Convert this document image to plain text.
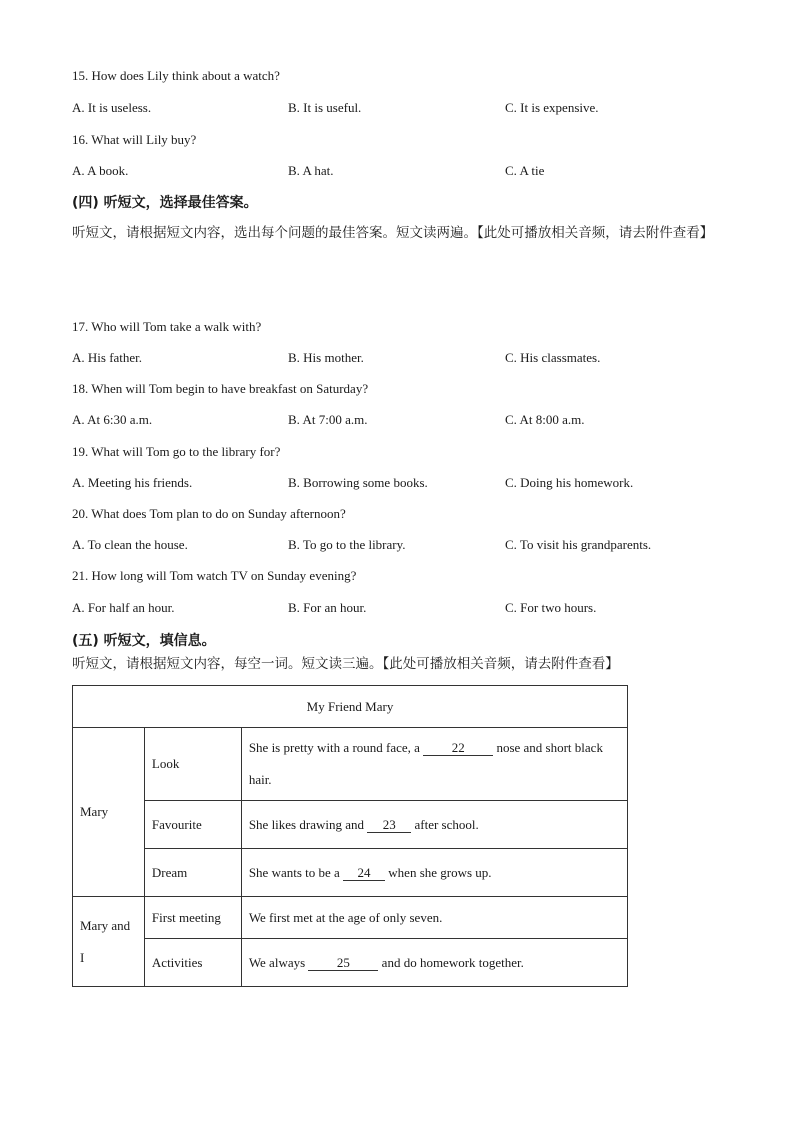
15. How does Lily think about a watch?
A. It is useless.	B. It is useful.	C. It is expensive.
16. What will Lily buy?
A. A book.	B. A hat.	C. A tie
(四) 听短文，选择最佳答案。
听短文，请根据短文内容，选出每个问题的最佳答案。短文读两遍。【此处可播放相关音频，请去附件查看】
17. Who will Tom take a walk with?
A. His father.	B. His mother.	C. His classmates.
18. When will Tom begin to have breakfast on Saturday?
A. At 6:30 a.m.	B. At 7:00 a.m.	C. At 8:00 a.m.
19. What will Tom go to the library for?
A. Meeting his friends.	B. Borrowing some books.	C. Doing his homework.
20. What does Tom plan to do on Sunday afternoon?
A. To clean the house.	B. To go to the library.	C. To visit his grandparents.
21. How long will Tom watch TV on Sunday evening?
A. For half an hour.	B. For an hour.	C. For two hours.
(五) 听短文，填信息。
听短文，请根据短文内容，每空一词。短文读三遍。【此处可播放相关音频，请去附件查看】
My Friend Mary		
Mary	Look	She is pretty with a round face, a 22 nose and short black hair.
	Favourite	She likes drawing and 23 after school.
	Dream	She wants to be a 24 when she grows up.
Mary and I	First meeting	We first met at the age of only seven.
	Activities	We always 25 and do homework together.
